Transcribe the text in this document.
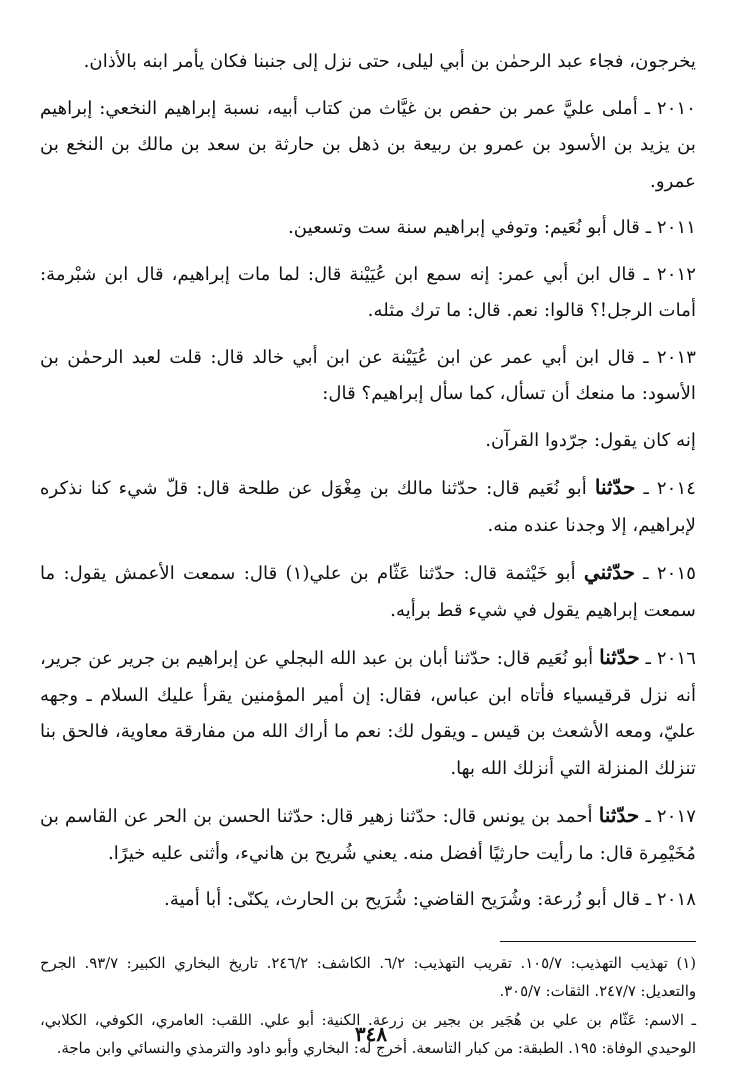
يخرجون، فجاء عبد الرحمٰن بن أبي ليلى، حتى نزل إلى جنبنا فكان يأمر ابنه بالأذان.

٢٠١٠ ـ أملى عليَّ عمر بن حفص بن غيَّاث من كتاب أبيه، نسبة إبراهيم النخعي: إبراهيم بن يزيد بن الأسود بن عمرو بن ربيعة بن ذهل بن حارثة بن سعد بن مالك بن النخع بن عمرو.

٢٠١١ ـ قال أبو نُعَيم: وتوفي إبراهيم سنة ست وتسعين.

٢٠١٢ ـ قال ابن أبي عمر: إنه سمع ابن عُيَيْنة قال: لما مات إبراهيم، قال ابن شبْرمة: أمات الرجل!؟ قالوا: نعم. قال: ما ترك مثله.

٢٠١٣ ـ قال ابن أبي عمر عن ابن عُيَيْنة عن ابن أبي خالد قال: قلت لعبد الرحمٰن بن الأسود: ما منعك أن تسأل، كما سأل إبراهيم؟ قال:

إنه كان يقول: جرّدوا القرآن.

٢٠١٤ ـ حدّثنا أبو نُعَيم قال: حدّثنا مالك بن مِغْوَل عن طلحة قال: قلّ شيء كنا نذكره لإبراهيم، إلا وجدنا عنده منه.

٢٠١٥ ـ حدّثني أبو خَيْثمة قال: حدّثنا عَثّام بن علي(١) قال: سمعت الأعمش يقول: ما سمعت إبراهيم يقول في شيء قط برأيه.

٢٠١٦ ـ حدّثنا أبو نُعَيم قال: حدّثنا أبان بن عبد الله البجلي عن إبراهيم بن جرير عن جرير، أنه نزل قرقيسياء فأتاه ابن عباس، فقال: إن أمير المؤمنين يقرأ عليك السلام ـ وجهه عليّ، ومعه الأشعث بن قيس ـ ويقول لك: نعم ما أراك الله من مفارقة معاوية، فالحق بنا تنزلك المنزلة التي أنزلك الله بها.

٢٠١٧ ـ حدّثنا أحمد بن يونس قال: حدّثنا زهير قال: حدّثنا الحسن بن الحر عن القاسم بن مُخَيْمِرة قال: ما رأيت حارثيًا أفضل منه. يعني شُريح بن هانيء، وأثنى عليه خيرًا.

٢٠١٨ ـ قال أبو زُرعة: وشُرَيح القاضي: شُرَيح بن الحارث، يكنّى: أبا أمية.

(١) تهذيب التهذيب: ١٠٥/٧. تقريب التهذيب: ٦/٢. الكاشف: ٢٤٦/٢. تاريخ البخاري الكبير: ٩٣/٧. الجرح والتعديل: ٢٤٧/٧. الثقات: ٣٠٥/٧.

ـ الاسم: عَثّام بن علي بن هُجَير بن بجير بن زرعة. الكنية: أبو علي. اللقب: العامري، الكوفي، الكلابي، الوحيدي الوفاة: ١٩٥. الطبقة: من كبار التاسعة. أخرج له: البخاري وأبو داود والترمذي والنسائي وابن ماجة.

٣٤٨
